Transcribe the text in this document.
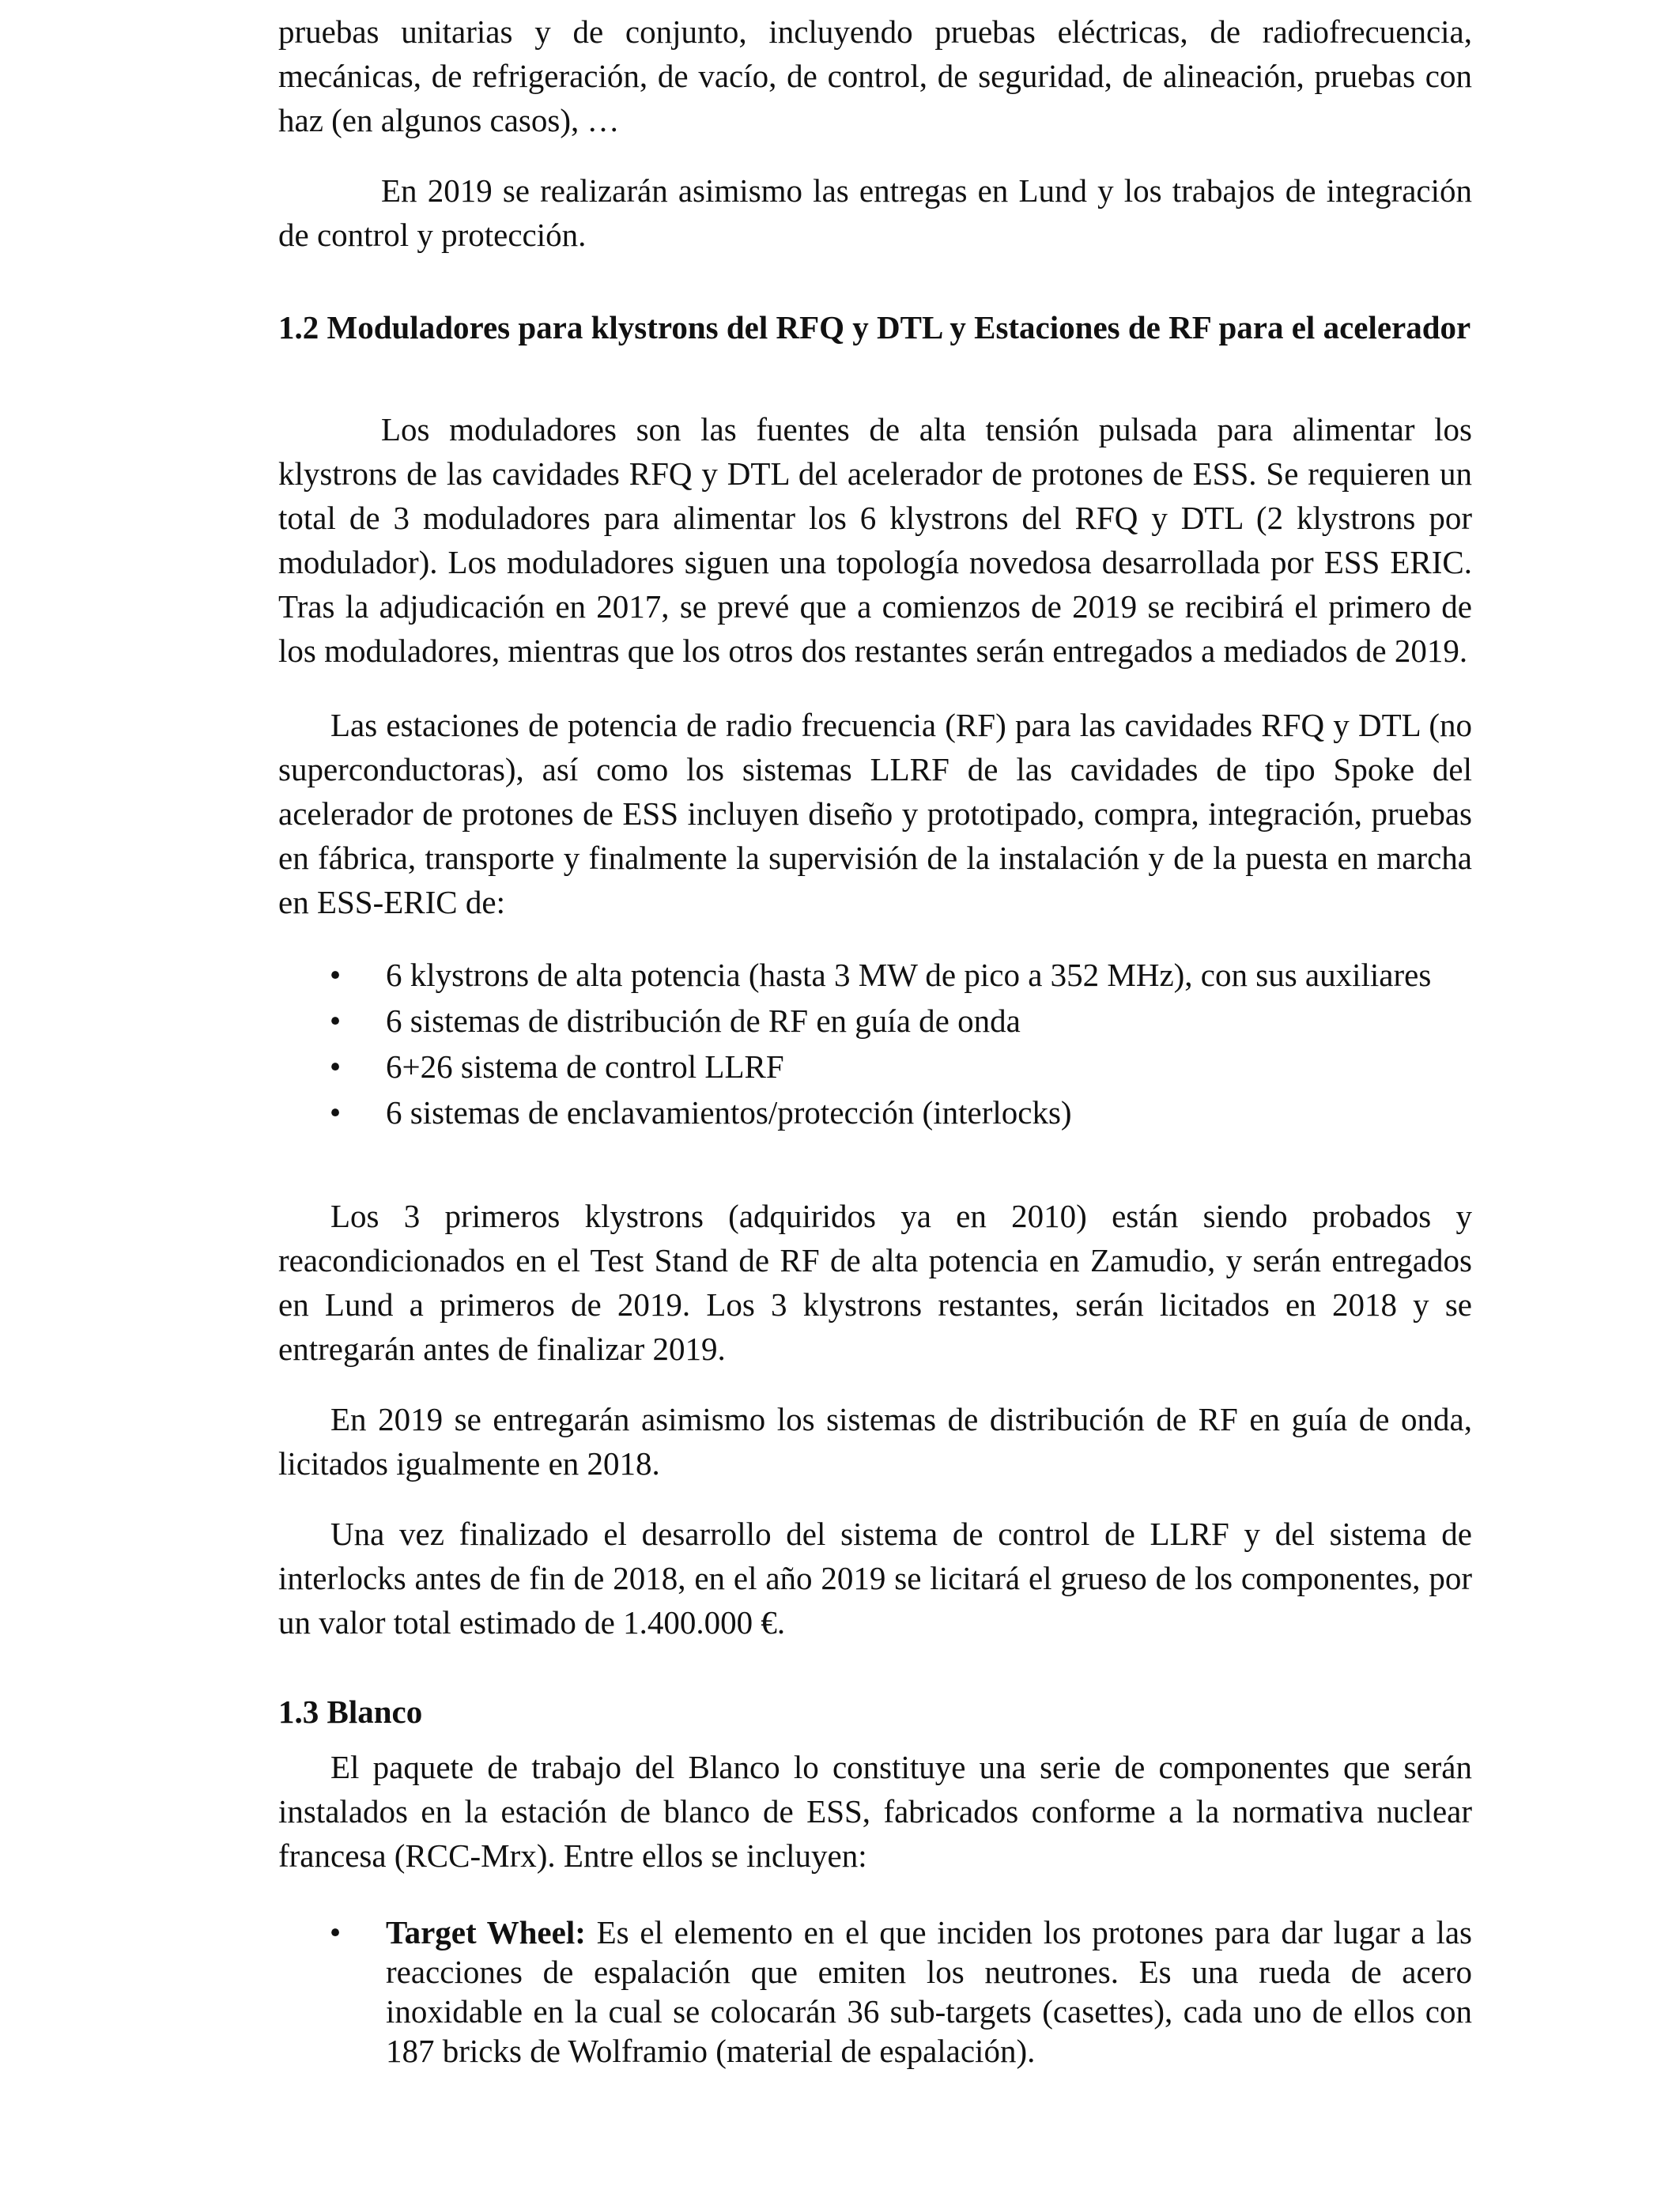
pruebas unitarias y de conjunto, incluyendo pruebas eléctricas, de radiofrecuencia, mecánicas, de refrigeración, de vacío, de control, de seguridad, de alineación, pruebas con haz (en algunos casos), …

En 2019 se realizarán asimismo las entregas en Lund y los trabajos de integración de control y protección.

1.2 Moduladores para klystrons del RFQ y DTL y Estaciones de RF para el acelerador

Los moduladores son las fuentes de alta tensión pulsada para alimentar los klystrons de las cavidades RFQ y DTL del acelerador de protones de ESS. Se requieren un total de 3 moduladores para alimentar los 6 klystrons del RFQ y DTL (2 klystrons por modulador). Los moduladores siguen una topología novedosa desarrollada por ESS ERIC. Tras la adjudicación en 2017, se prevé que a comienzos de 2019 se recibirá el primero de los moduladores, mientras que los otros dos restantes serán entregados a mediados de 2019.

Las estaciones de potencia de radio frecuencia (RF) para las cavidades RFQ y DTL (no superconductoras), así como los sistemas LLRF de las cavidades de tipo Spoke del acelerador de protones de ESS incluyen diseño y prototipado, compra, integración, pruebas en fábrica, transporte y finalmente la supervisión de la instalación y de la puesta en marcha en ESS-ERIC de:

• 6 klystrons de alta potencia (hasta 3 MW de pico a 352 MHz), con sus auxiliares
• 6 sistemas de distribución de RF en guía de onda
• 6+26 sistema de control LLRF
• 6 sistemas de enclavamientos/protección (interlocks)

Los 3 primeros klystrons (adquiridos ya en 2010) están siendo probados y reacondicionados en el Test Stand de RF de alta potencia en Zamudio, y serán entregados en Lund a primeros de 2019. Los 3 klystrons restantes, serán licitados en 2018 y se entregarán antes de finalizar 2019.

En 2019 se entregarán asimismo los sistemas de distribución de RF en guía de onda, licitados igualmente en 2018.

Una vez finalizado el desarrollo del sistema de control de LLRF y del sistema de interlocks antes de fin de 2018, en el año 2019 se licitará el grueso de los componentes, por un valor total estimado de 1.400.000 €.

1.3 Blanco

El paquete de trabajo del Blanco lo constituye una serie de componentes que serán instalados en la estación de blanco de ESS, fabricados conforme a la normativa nuclear francesa (RCC-Mrx). Entre ellos se incluyen:

• Target Wheel: Es el elemento en el que inciden los protones para dar lugar a las reacciones de espalación que emiten los neutrones. Es una rueda de acero inoxidable en la cual se colocarán 36 sub-targets (casettes), cada uno de ellos con 187 bricks de Wolframio (material de espalación).
